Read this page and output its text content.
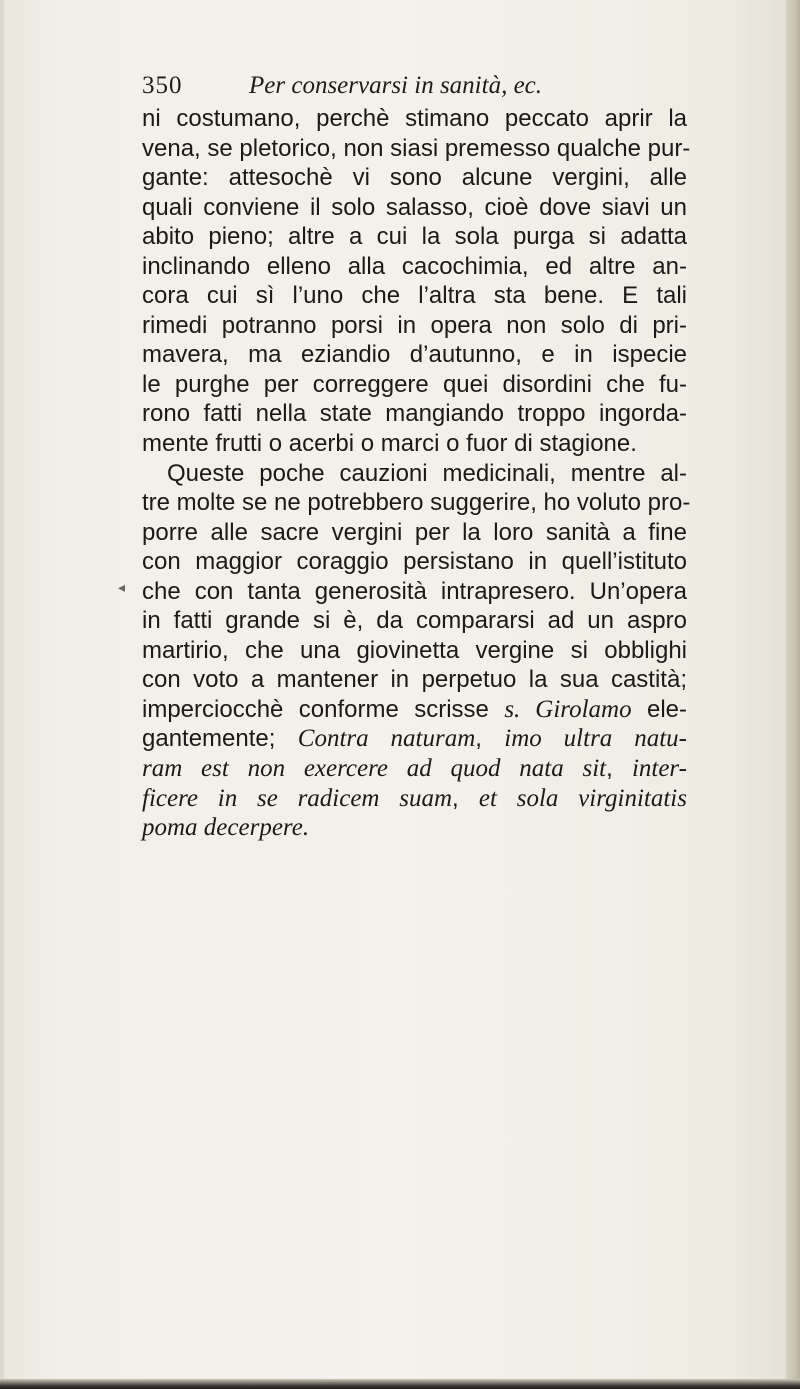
350	Per conservarsi in sanità, ec.
ni costumano, perchè stimano peccato aprir la
vena, se pletorico, non siasi premesso qualche pur-
gante: attesochè vi sono alcune vergini, alle
quali conviene il solo salasso, cioè dove siavi un
abito pieno; altre a cui la sola purga si adatta
inclinando elleno alla cacochimia, ed altre an-
cora cui sì l’uno che l’altra sta bene. E tali
rimedi potranno porsi in opera non solo di pri-
mavera, ma eziandio d’autunno, e in ispecie
le purghe per correggere quei disordini che fu-
rono fatti nella state mangiando troppo ingorda-
mente frutti o acerbi o marci o fuor di stagione.
Queste poche cauzioni medicinali, mentre al-
tre molte se ne potrebbero suggerire, ho voluto pro-
porre alle sacre vergini per la loro sanità a fine
con maggior coraggio persistano in quell’istituto
che con tanta generosità intrapresero. Un’opera
in fatti grande si è, da compararsi ad un aspro
martirio, che una giovinetta vergine si obblighi
con voto a mantener in perpetuo la sua castità;
imperciocchè conforme scrisse s. Girolamo ele-
gantemente; Contra naturam, imo ultra natu-
ram est non exercere ad quod nata sit, inter-
ficere in se radicem suam, et sola virginitatis
poma decerpere.
◂
